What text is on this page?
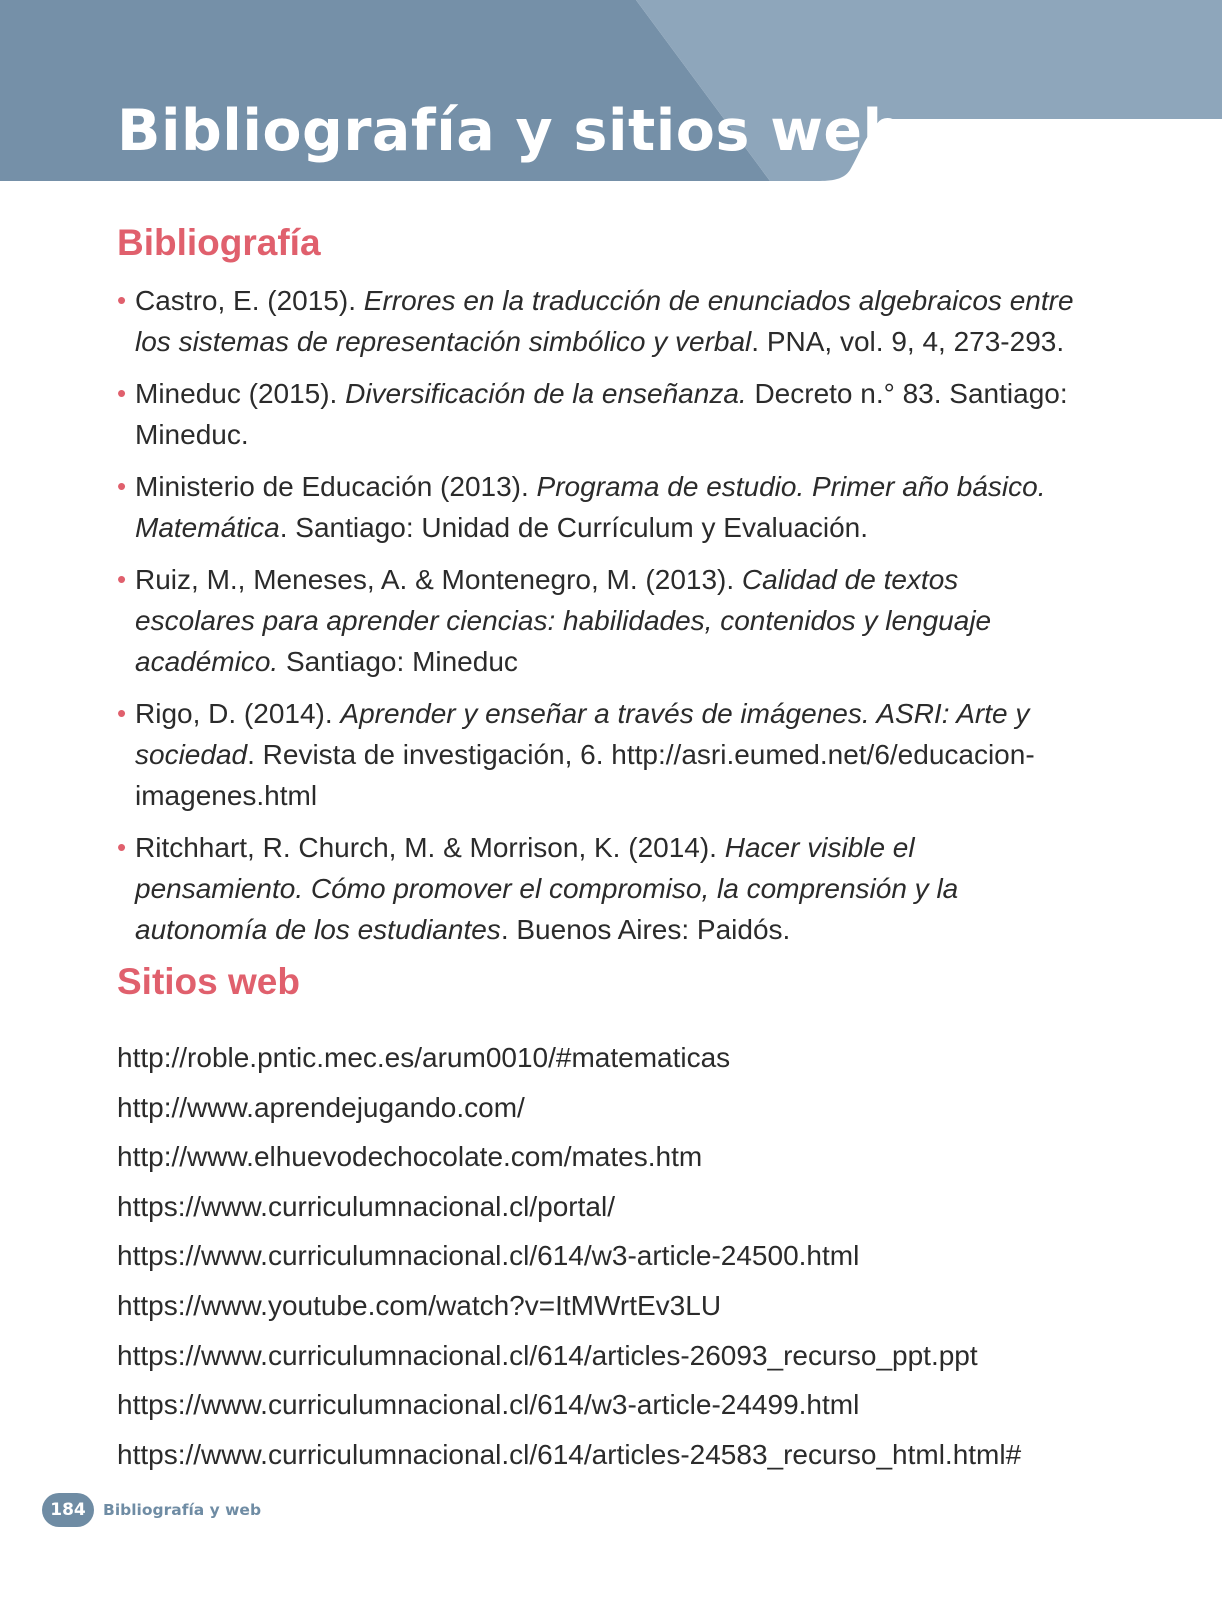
Bibliografía y sitios web
Bibliografía
• Castro, E. (2015). Errores en la traducción de enunciados algebraicos entre los sistemas de representación simbólico y verbal. PNA, vol. 9, 4, 273-293.
• Mineduc (2015). Diversificación de la enseñanza. Decreto n.° 83. Santiago: Mineduc.
• Ministerio de Educación (2013). Programa de estudio. Primer año básico. Matemática. Santiago: Unidad de Currículum y Evaluación.
• Ruiz, M., Meneses, A. & Montenegro, M. (2013). Calidad de textos escolares para aprender ciencias: habilidades, contenidos y lenguaje académico. Santiago: Mineduc
• Rigo, D. (2014). Aprender y enseñar a través de imágenes. ASRI: Arte y sociedad. Revista de investigación, 6. http://asri.eumed.net/6/educacion-imagenes.html
• Ritchhart, R. Church, M. & Morrison, K. (2014). Hacer visible el pensamiento. Cómo promover el compromiso, la comprensión y la autonomía de los estudiantes. Buenos Aires: Paidós.
Sitios web
http://roble.pntic.mec.es/arum0010/#matematicas
http://www.aprendejugando.com/
http://www.elhuevodechocolate.com/mates.htm
https://www.curriculumnacional.cl/portal/
https://www.curriculumnacional.cl/614/w3-article-24500.html
https://www.youtube.com/watch?v=ItMWrtEv3LU
https://www.curriculumnacional.cl/614/articles-26093_recurso_ppt.ppt
https://www.curriculumnacional.cl/614/w3-article-24499.html
https://www.curriculumnacional.cl/614/articles-24583_recurso_html.html#
184	Bibliografía y web
